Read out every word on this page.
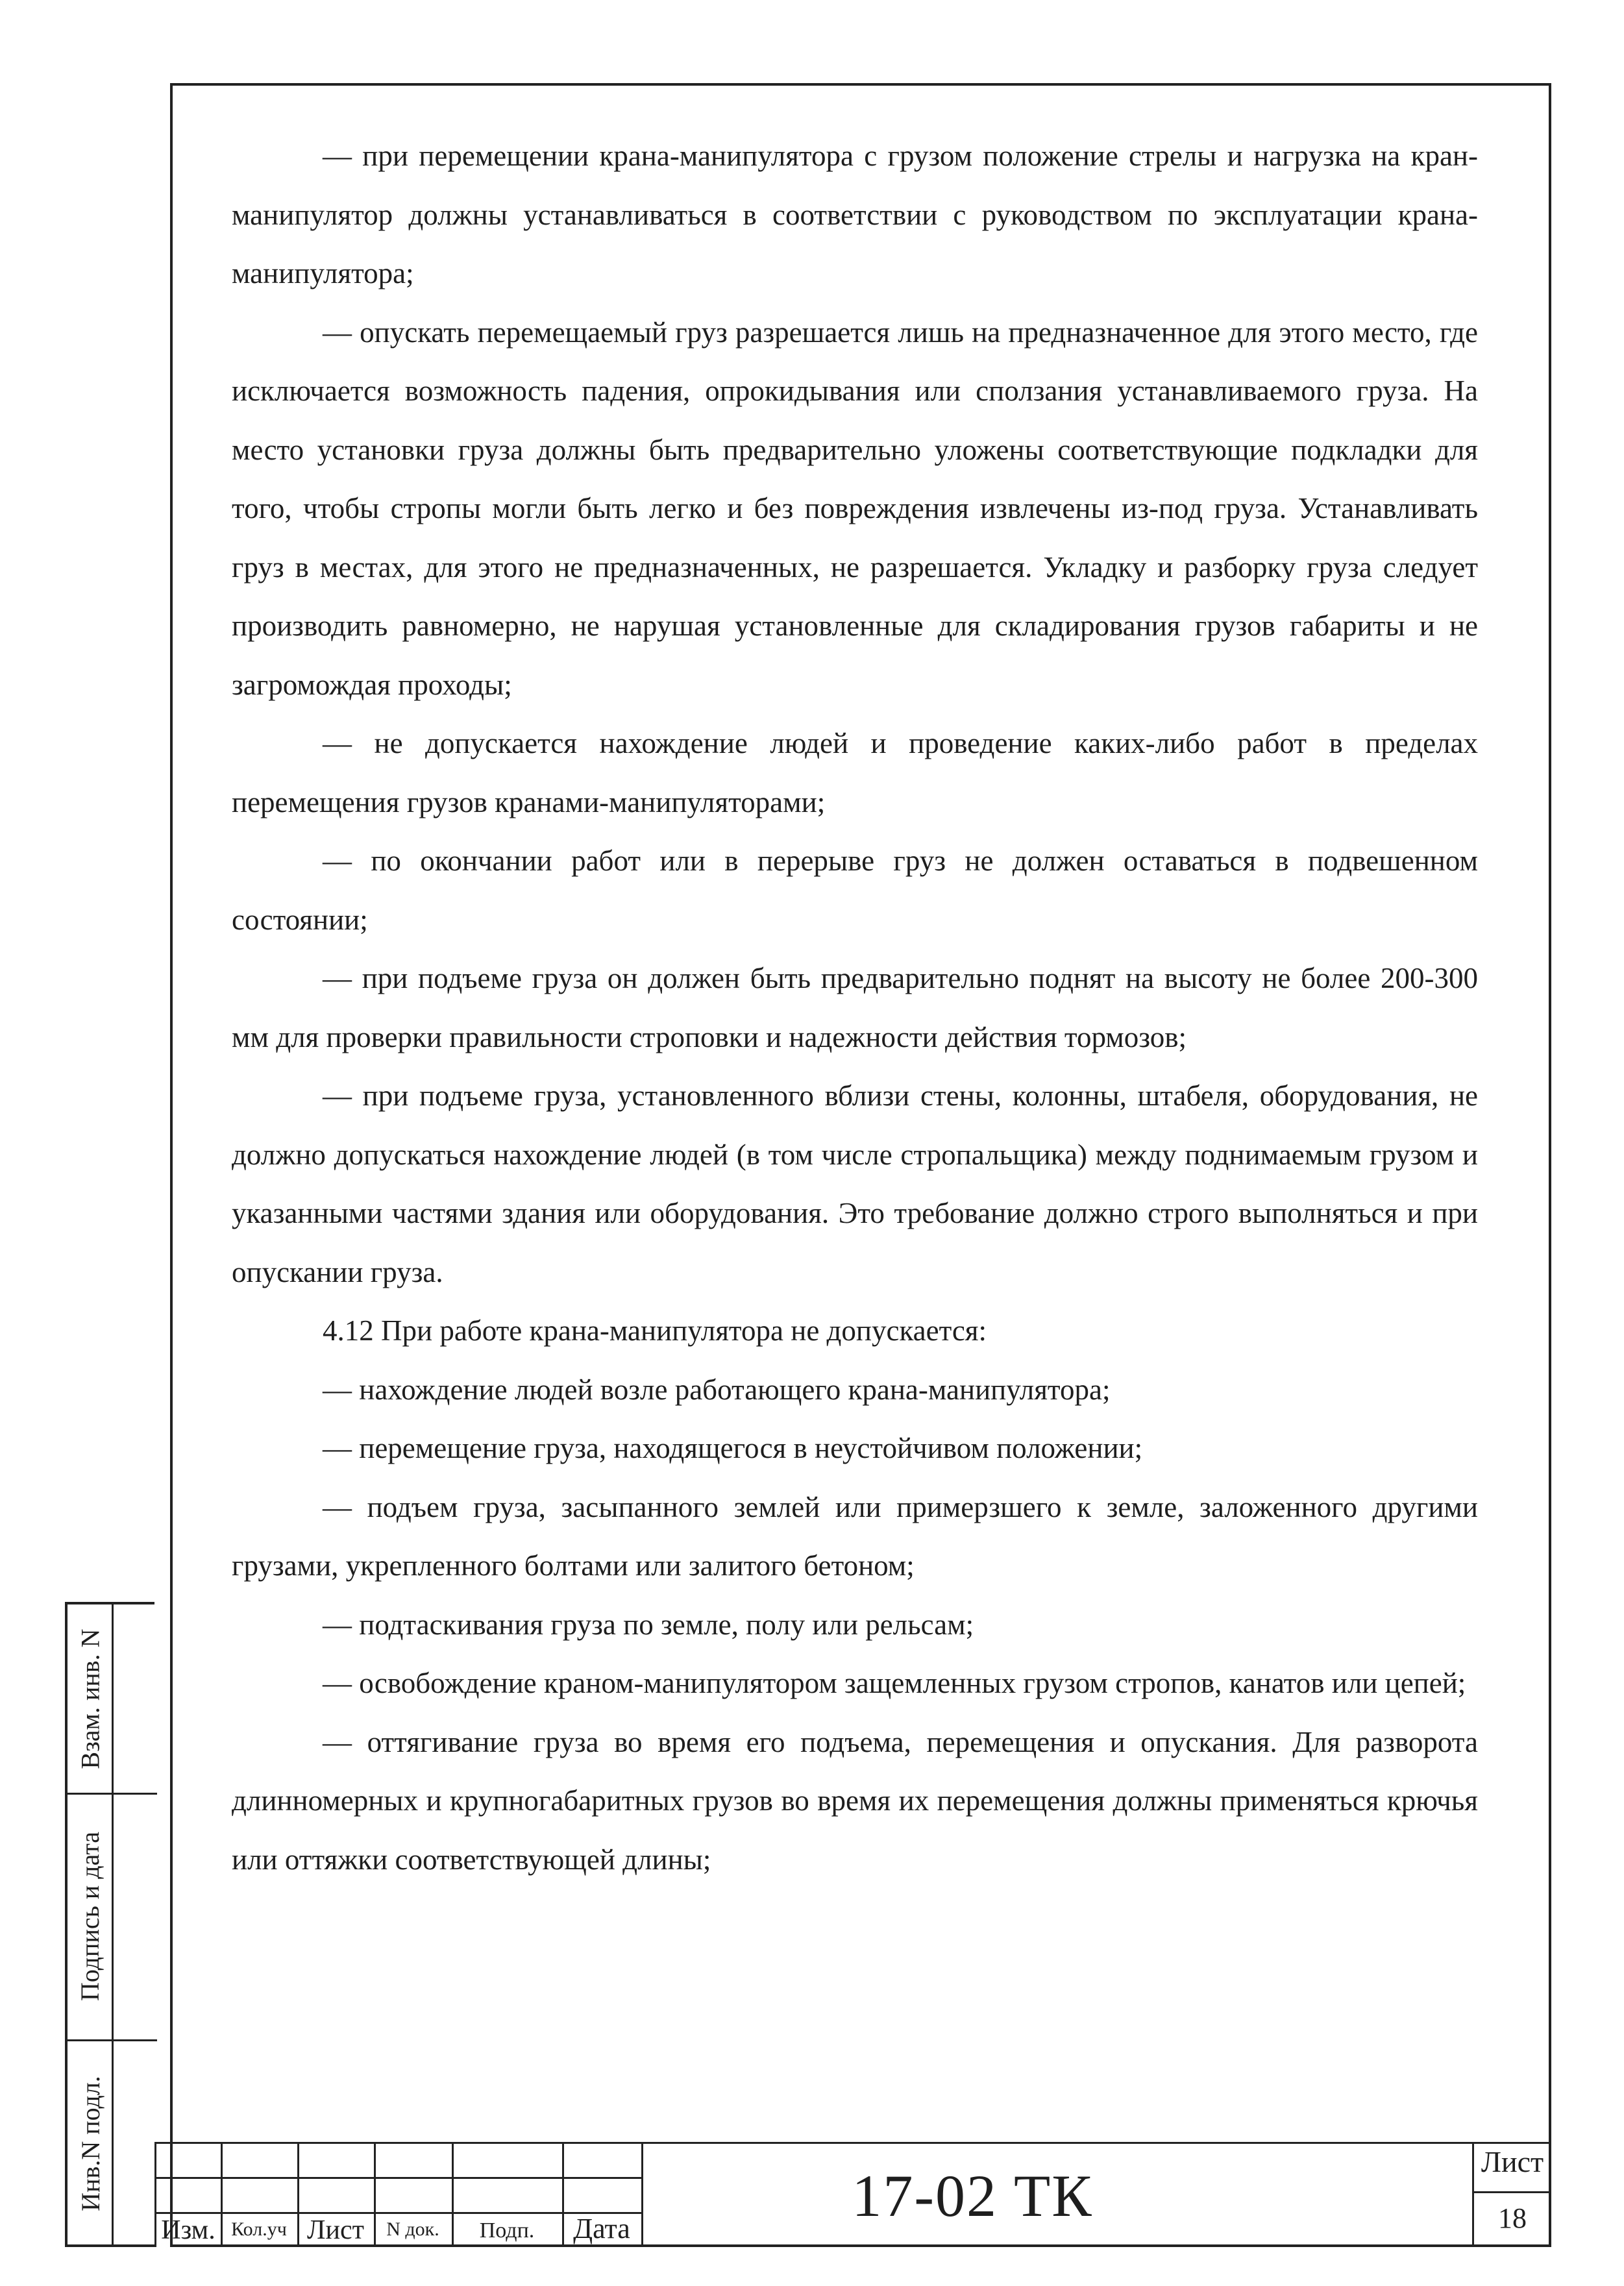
— при перемещении крана-манипулятора с грузом положение стрелы и нагрузка на кран-манипулятор должны устанавливаться в соответствии с руководством по эксплуатации крана-манипулятора;

— опускать перемещаемый груз разрешается лишь на предназначенное для этого место, где исключается возможность падения, опрокидывания или сползания устанавливаемого груза. На место установки груза должны быть предварительно уложены соответствующие подкладки для того, чтобы стропы могли быть легко и без повреждения извлечены из-под груза. Устанавливать груз в местах, для этого не предназначенных, не разрешается. Укладку и разборку груза следует производить равномерно, не нарушая установленные для складирования грузов габариты и не загромождая проходы;

— не допускается нахождение людей и проведение каких-либо работ в пределах перемещения грузов кранами-манипуляторами;

— по окончании работ или в перерыве груз не должен оставаться в подвешенном состоянии;

— при подъеме груза он должен быть предварительно поднят на высоту не более 200-300 мм для проверки правильности строповки и надежности действия тормозов;

— при подъеме груза, установленного вблизи стены, колонны, штабеля, оборудования, не должно допускаться нахождение людей (в том числе стропальщика) между поднимаемым грузом и указанными частями здания или оборудования. Это требование должно строго выполняться и при опускании груза.

4.12 При работе крана-манипулятора не допускается:

— нахождение людей возле работающего крана-манипулятора;

— перемещение груза, находящегося в неустойчивом положении;

— подъем груза, засыпанного землей или примерзшего к земле, заложенного другими грузами, укрепленного болтами или залитого бетоном;

— подтаскивания груза по земле, полу или рельсам;

— освобождение краном-манипулятором защемленных грузом стропов, канатов или цепей;

— оттягивание груза во время его подъема, перемещения и опускания. Для разворота длинномерных и крупногабаритных грузов во время их перемещения должны применяться крючья или оттяжки соответствующей длины;

Взам. инв. N
Подпись и дата
Инв.N подл.
Изм. Кол.уч Лист	N док.	Подп.	Дата	17-02 ТК
Лист
18
